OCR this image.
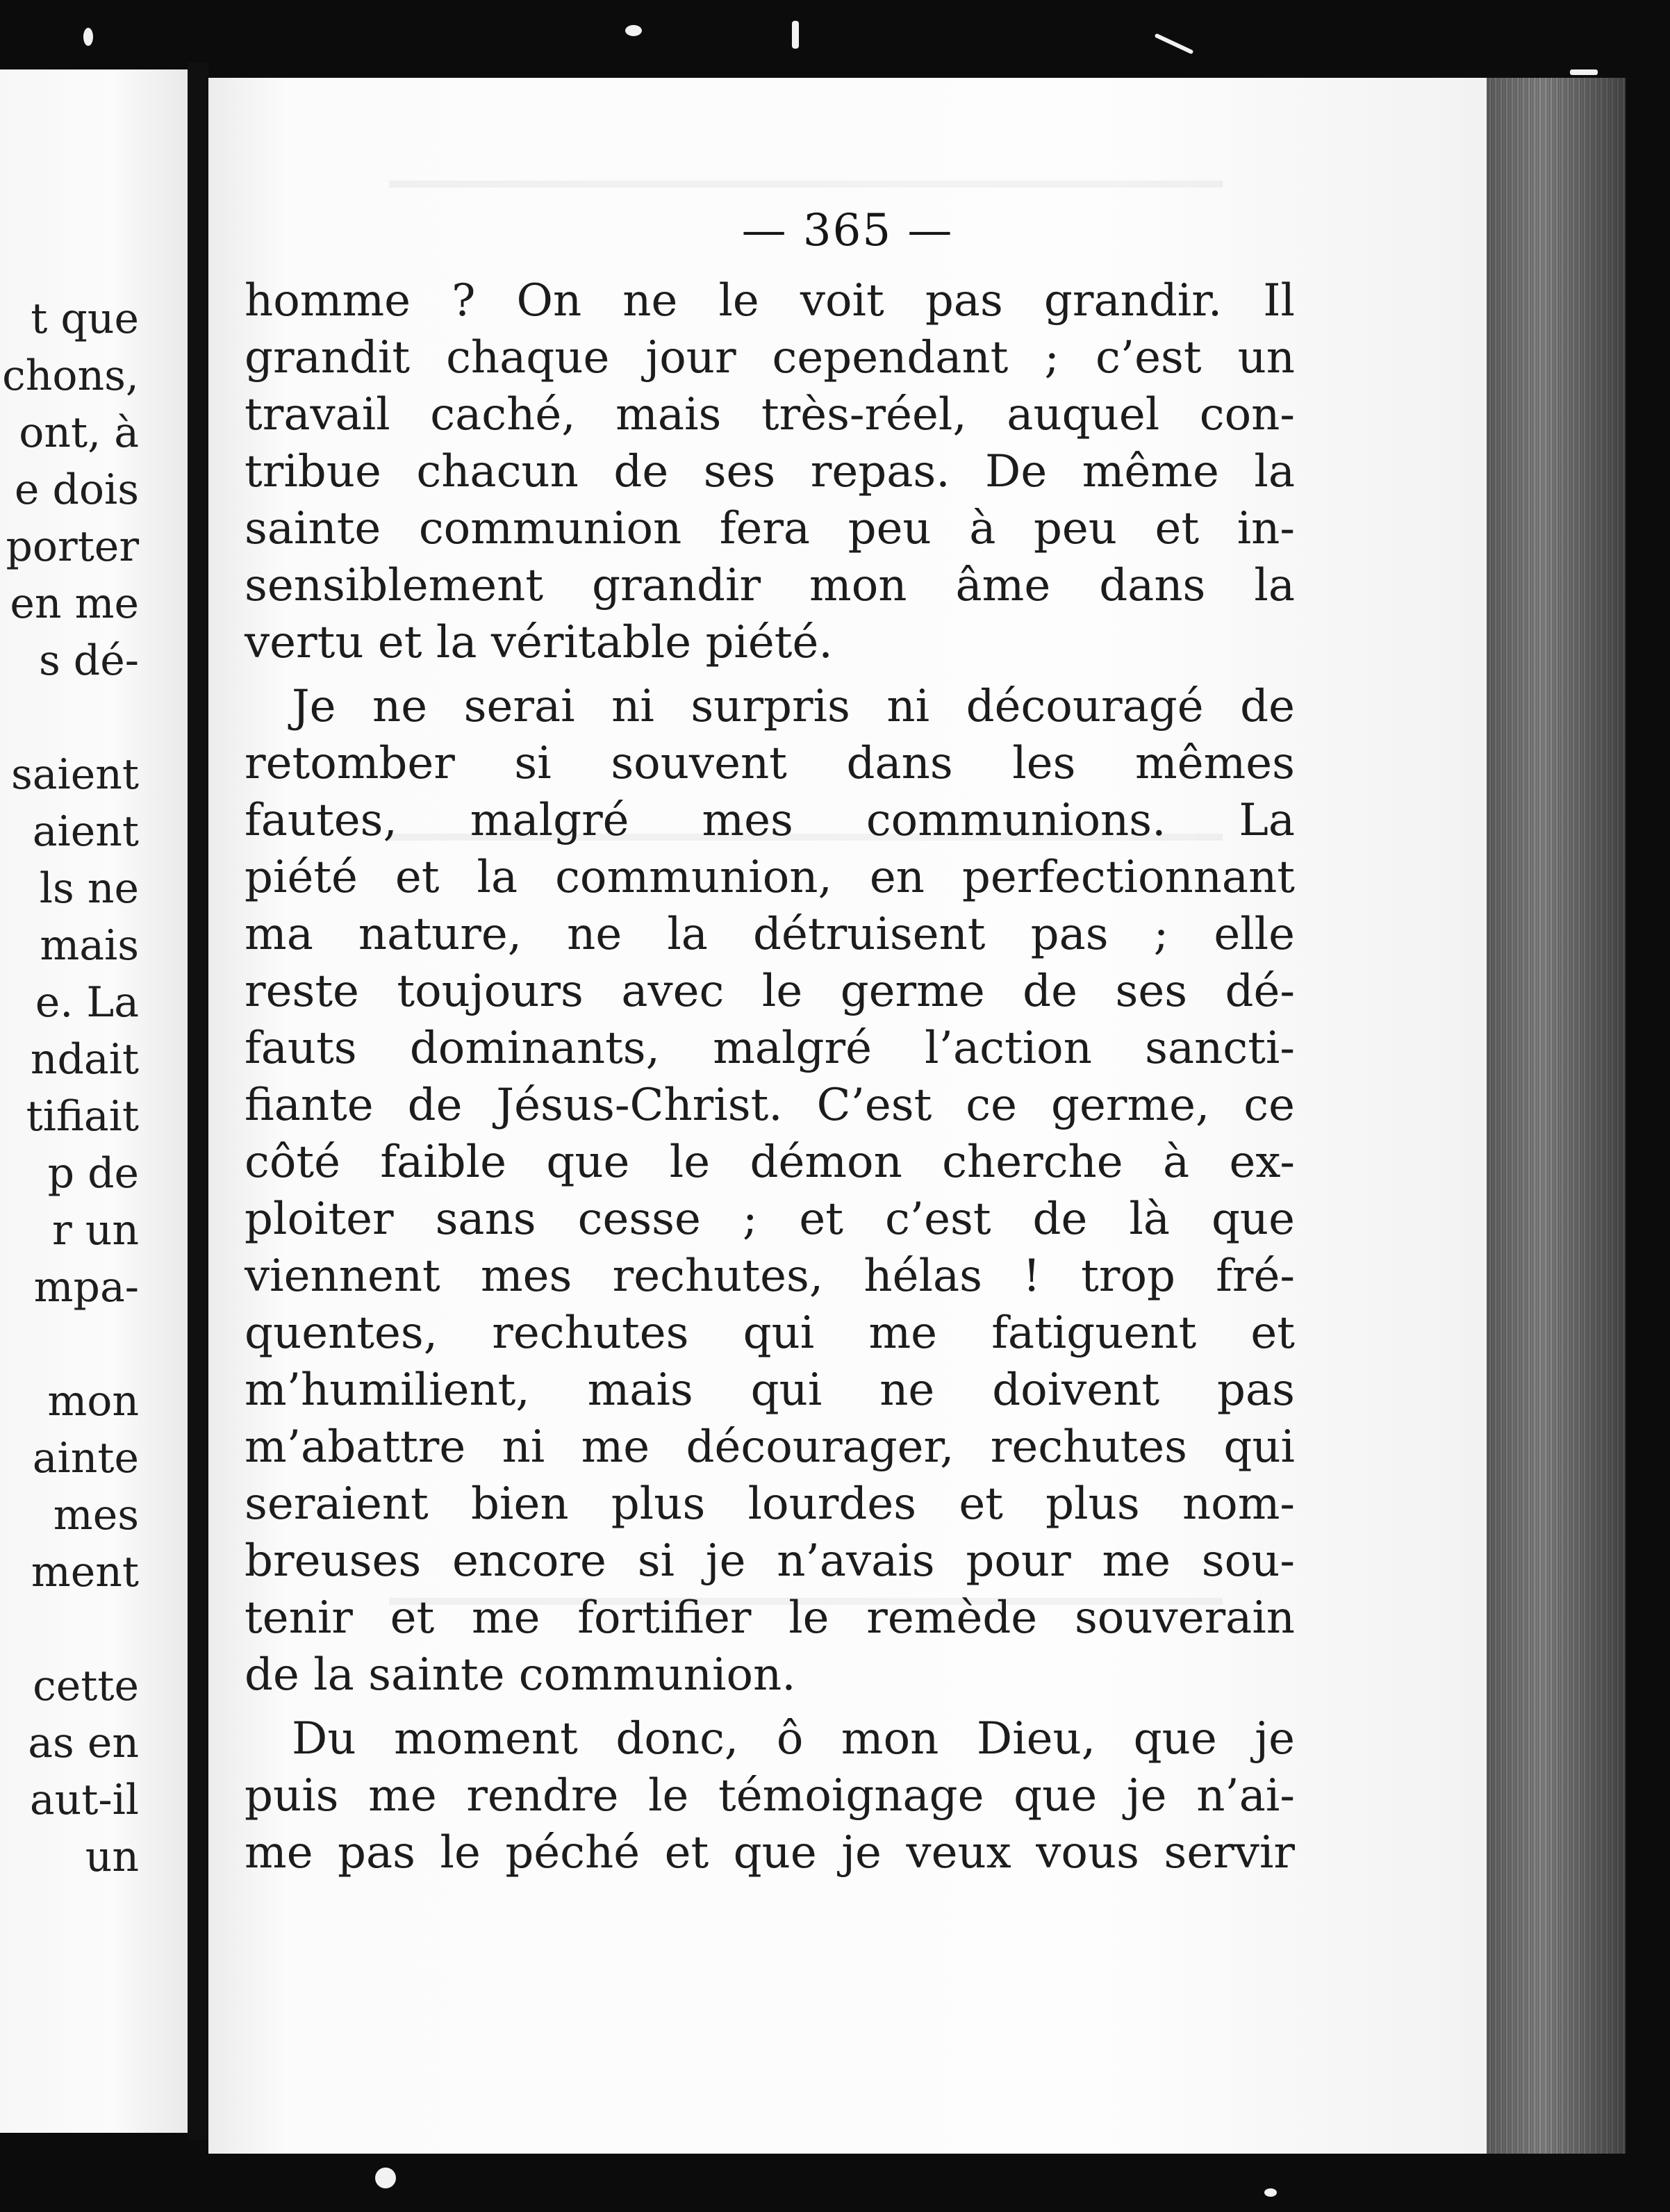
t que
chons,
ont, à
e dois
porter
en me
s dé-
saient
aient
ls ne
mais
e. La
ndait
tifiait
p de
r un
mpa-
mon
ainte
mes
ment
cette
as en
aut-il
un
— 365 —
homme ? On ne le voit pas grandir. Il
grandit chaque jour cependant ; c’est un
travail caché, mais très-réel, auquel con-
tribue chacun de ses repas. De même la
sainte communion fera peu à peu et in-
sensiblement grandir mon âme dans la
vertu et la véritable piété.
Je ne serai ni surpris ni découragé de
retomber si souvent dans les mêmes
fautes, malgré mes communions. La
piété et la communion, en perfectionnant
ma nature, ne la détruisent pas ; elle
reste toujours avec le germe de ses dé-
fauts dominants, malgré l’action sancti-
fiante de Jésus-Christ. C’est ce germe, ce
côté faible que le démon cherche à ex-
ploiter sans cesse ; et c’est de là que
viennent mes rechutes, hélas ! trop fré-
quentes, rechutes qui me fatiguent et
m’humilient, mais qui ne doivent pas
m’abattre ni me décourager, rechutes qui
seraient bien plus lourdes et plus nom-
breuses encore si je n’avais pour me sou-
tenir et me fortifier le remède souverain
de la sainte communion.
Du moment donc, ô mon Dieu, que je
puis me rendre le témoignage que je n’ai-
me pas le péché et que je veux vous servir
